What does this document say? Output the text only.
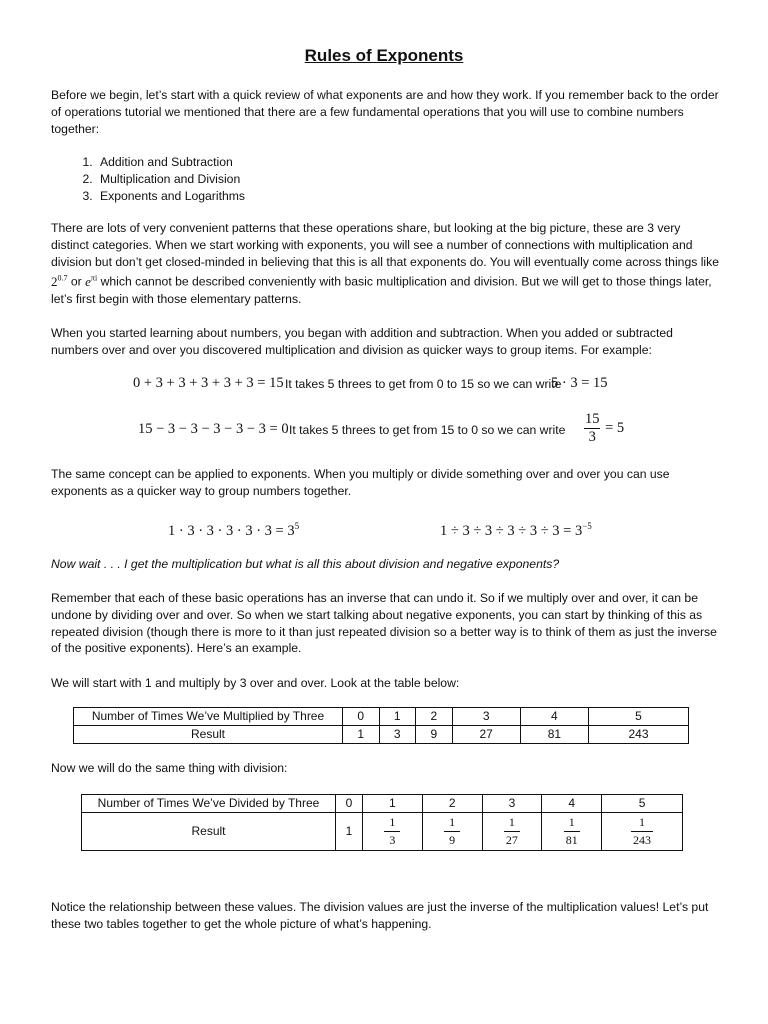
Rules of Exponents

Before we begin, let’s start with a quick review of what exponents are and how they work. If you remember back to the order of operations tutorial we mentioned that there are a few fundamental operations that you will use to combine numbers together:

1. Addition and Subtraction
2. Multiplication and Division
3. Exponents and Logarithms

There are lots of very convenient patterns that these operations share, but looking at the big picture, these are 3 very distinct categories. When we start working with exponents, you will see a number of connections with multiplication and division but don’t get closed-minded in believing that this is all that exponents do. You will eventually come across things like $2^{0.7}$ or $e^{\pi i}$ which cannot be described conveniently with basic multiplication and division. But we will get to those things later, let’s first begin with those elementary patterns.

When you started learning about numbers, you began with addition and subtraction. When you added or subtracted numbers over and over you discovered multiplication and division as quicker ways to group items. For example:

0 + 3 + 3 + 3 + 3 + 3 = 15 It takes 5 threes to get from 0 to 15 so we can write
5 · 3 = 15
15 − 3 − 3 − 3 − 3 − 3 = 0 It takes 5 threes to get from 15 to 0 so we can write $\frac{15}{3} = 5$

The same concept can be applied to exponents. When you multiply or divide something over and over you can use exponents as a quicker way to group numbers together.

$1 \cdot 3 \cdot 3 \cdot 3 \cdot 3 \cdot 3 = 3^5$	$1 \div 3 \div 3 \div 3 \div 3 \div 3 = 3^{-5}$

Now wait . . . I get the multiplication but what is all this about division and negative exponents?

Remember that each of these basic operations has an inverse that can undo it. So if we multiply over and over, it can be undone by dividing over and over. So when we start talking about negative exponents, you can start by thinking of this as repeated division (though there is more to it than just repeated division so a better way is to think of them as just the inverse of the positive exponents). Here’s an example.

We will start with 1 and multiply by 3 over and over. Look at the table below:

Number of Times We’ve Multiplied by Three	0	1	2	3	4	5
Result	1	3	9	27	81	243

Now we will do the same thing with division:

Number of Times We’ve Divided by Three	0	1	2	3	4	5
Result	1	$\frac{1}{3}$	$\frac{1}{9}$	$\frac{1}{27}$	$\frac{1}{81}$	$\frac{1}{243}$

Notice the relationship between these values. The division values are just the inverse of the multiplication values! Let’s put these two tables together to get the whole picture of what’s happening.
